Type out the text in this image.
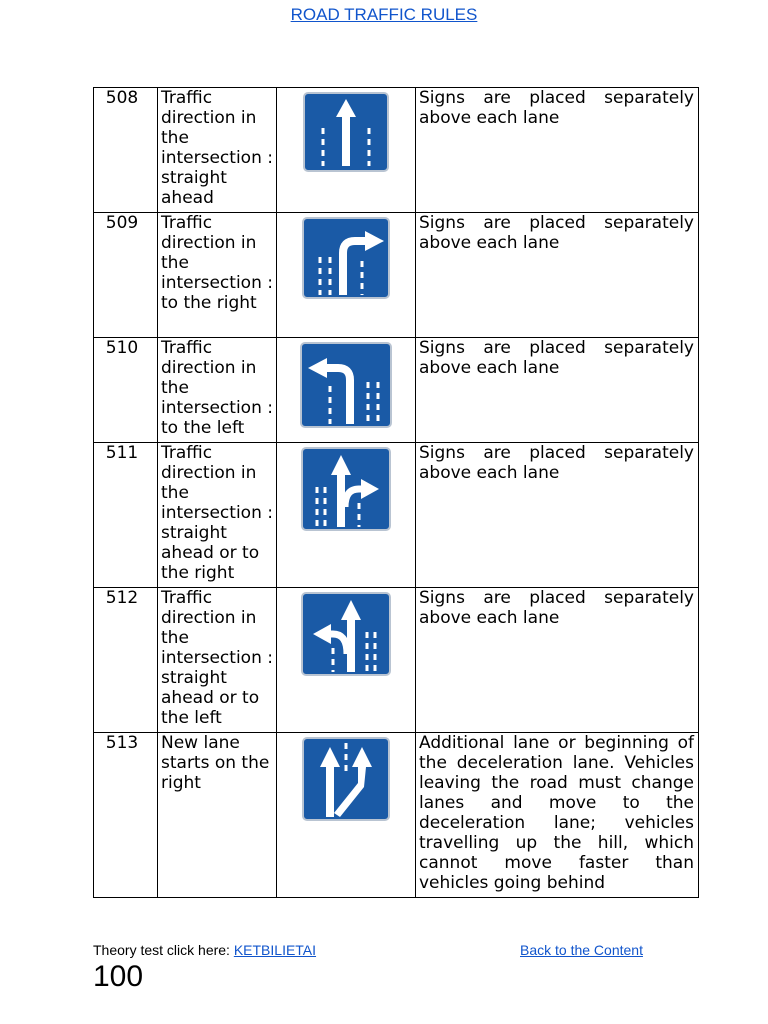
ROAD TRAFFIC RULES
508	Traffic direction in the intersection : straight ahead		Signs are placed separately above each lane
509	Traffic direction in the intersection : to the right		Signs are placed separately above each lane
510	Traffic direction in the intersection : to the left		Signs are placed separately above each lane
511	Traffic direction in the intersection : straight ahead or to the right		Signs are placed separately above each lane
512	Traffic direction in the intersection : straight ahead or to the left		Signs are placed separately above each lane
513	New lane starts on the right		Additional lane or beginning of the deceleration lane. Vehicles leaving the road must change lanes and move to the deceleration lane; vehicles travelling up the hill, which cannot move faster than vehicles going behind
Theory test click here: KETBILIETAI	Back to the Content
100
